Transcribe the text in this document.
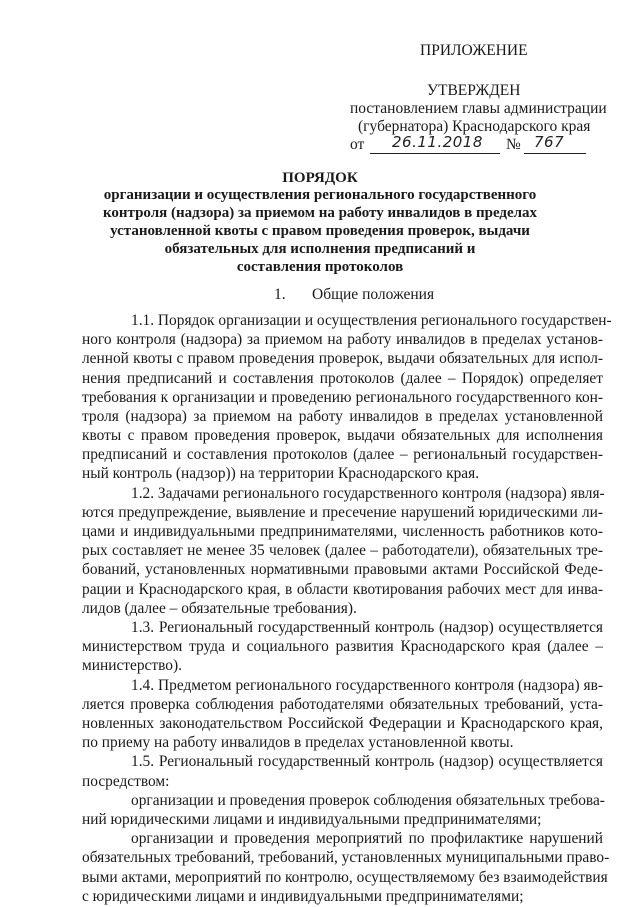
ПРИЛОЖЕНИЕ
УТВЕРЖДЕН
постановлением главы администрации
(губернатора) Краснодарского края
от 26.11.2018 № 767
ПОРЯДОК
организации и осуществления регионального государственного
контроля (надзора) за приемом на работу инвалидов в пределах
установленной квоты с правом проведения проверок, выдачи
обязательных для исполнения предписаний и
составления протоколов
1. Общие положения
1.1. Порядок организации и осуществления регионального государствен-
ного контроля (надзора) за приемом на работу инвалидов в пределах установ-
ленной квоты с правом проведения проверок, выдачи обязательных для испол-
нения предписаний и составления протоколов (далее – Порядок) определяет
требования к организации и проведению регионального государственного кон-
троля (надзора) за приемом на работу инвалидов в пределах установленной
квоты с правом проведения проверок, выдачи обязательных для исполнения
предписаний и составления протоколов (далее – региональный государствен-
ный контроль (надзор)) на территории Краснодарского края.
1.2. Задачами регионального государственного контроля (надзора) явля-
ются предупреждение, выявление и пресечение нарушений юридическими ли-
цами и индивидуальными предпринимателями, численность работников кото-
рых составляет не менее 35 человек (далее – работодатели), обязательных тре-
бований, установленных нормативными правовыми актами Российской Феде-
рации и Краснодарского края, в области квотирования рабочих мест для инва-
лидов (далее – обязательные требования).
1.3. Региональный государственный контроль (надзор) осуществляется
министерством труда и социального развития Краснодарского края (далее –
министерство).
1.4. Предметом регионального государственного контроля (надзора) яв-
ляется проверка соблюдения работодателями обязательных требований, уста-
новленных законодательством Российской Федерации и Краснодарского края,
по приему на работу инвалидов в пределах установленной квоты.
1.5. Региональный государственный контроль (надзор) осуществляется
посредством:
организации и проведения проверок соблюдения обязательных требова-
ний юридическими лицами и индивидуальными предпринимателями;
организации и проведения мероприятий по профилактике нарушений
обязательных требований, требований, установленных муниципальными право-
выми актами, мероприятий по контролю, осуществляемому без взаимодействия
с юридическими лицами и индивидуальными предпринимателями;
